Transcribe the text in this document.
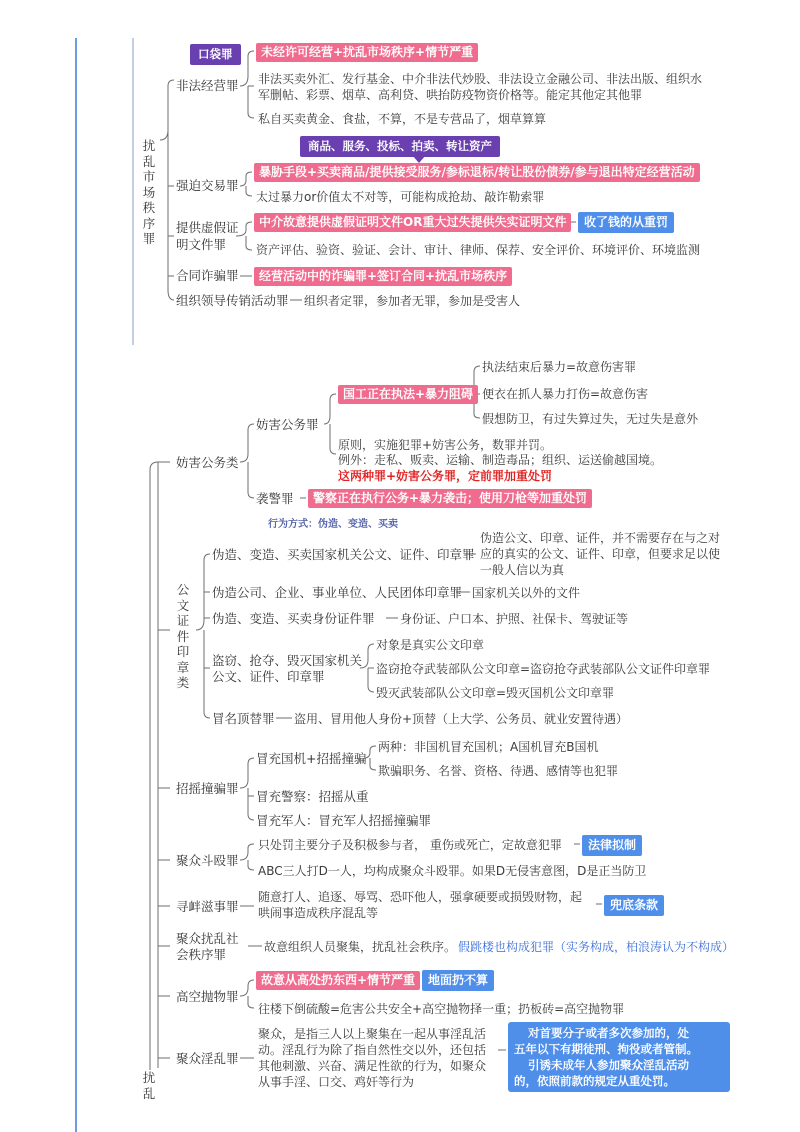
扰乱市场秩序罪
口袋罪
非法经营罪
未经许可经营+扰乱市场秩序+情节严重
非法买卖外汇、发行基金、中介非法代炒股、非法设立金融公司、非法出版、组织水
军删帖、彩票、烟草、高利贷、哄抬防疫物资价格等。能定其他定其他罪
私自买卖黄金、食盐，不算，不是专营品了，烟草算算
商品、服务、投标、拍卖、转让资产
强迫交易罪
暴胁手段+买卖商品/提供接受服务/参标退标/转让股份债券/参与退出特定经营活动
太过暴力or价值太不对等，可能构成抢劫、敲诈勒索罪
提供虚假证
明文件罪
中介故意提供虚假证明文件OR重大过失提供失实证明文件	收了钱的从重罚
资产评估、验资、验证、会计、审计、律师、保荐、安全评价、环境评价、环境监测
合同诈骗罪	经营活动中的诈骗罪+签订合同+扰乱市场秩序
组织领导传销活动罪 组织者定罪，参加者无罪，参加是受害人
妨害公务类
妨害公务罪
国工正在执法+暴力阻碍
执法结束后暴力=故意伤害罪
便衣在抓人暴力打伤=故意伤害
假想防卫，有过失算过失，无过失是意外
原则，实施犯罪+妨害公务，数罪并罚。
例外：走私、贩卖、运输、制造毒品；组织、运送偷越国境。
这两种罪+妨害公务罪，定前罪加重处罚
袭警罪	警察正在执行公务+暴力袭击；使用刀枪等加重处罚
行为方式：伪造、变造、买卖
公文证件印章类
伪造、变造、买卖国家机关公文、证件、印章罪
伪造公文、印章、证件，并不需要存在与之对
应的真实的公文、证件、印章，但要求足以使
一般人信以为真
伪造公司、企业、事业单位、人民团体印章罪 国家机关以外的文件
伪造、变造、买卖身份证件罪 身份证、户口本、护照、社保卡、驾驶证等
盗窃、抢夺、毁灭国家机关
公文、证件、印章罪
对象是真实公文印章
盗窃抢夺武装部队公文印章=盗窃抢夺武装部队公文证件印章罪
毁灭武装部队公文印章=毁灭国机公文印章罪
冒名顶替罪 盗用、冒用他人身份+顶替（上大学、公务员、就业安置待遇）
招摇撞骗罪
冒充国机+招摇撞骗
两种：非国机冒充国机；A国机冒充B国机
欺骗职务、名誉、资格、待遇、感情等也犯罪
冒充警察：招摇从重
冒充军人：冒充军人招摇撞骗罪
聚众斗殴罪
只处罚主要分子及积极参与者， 重伤或死亡，定故意犯罪	法律拟制
ABC三人打D一人，均构成聚众斗殴罪。如果D无侵害意图，D是正当防卫
寻衅滋事罪
随意打人、追逐、辱骂、恐吓他人，强拿硬要或损毁财物，起
哄闹事造成秩序混乱等
兜底条款
聚众扰乱社
会秩序罪	故意组织人员聚集，扰乱社会秩序。 假跳楼也构成犯罪（实务构成，柏浪涛认为不构成）
高空抛物罪
故意从高处扔东西+情节严重	地面扔不算
往楼下倒硫酸=危害公共安全+高空抛物择一重；扔板砖=高空抛物罪
聚众淫乱罪
聚众，是指三人以上聚集在一起从事淫乱活
动。淫乱行为除了指自然性交以外，还包括
其他刺激、兴奋、满足性欲的行为，如聚众
从事手淫、口交、鸡奸等行为
对首要分子或者多次参加的，处
五年以下有期徒刑、拘役或者管制。
引诱未成年人参加聚众淫乱活动
的，依照前款的规定从重处罚。
扰乱
